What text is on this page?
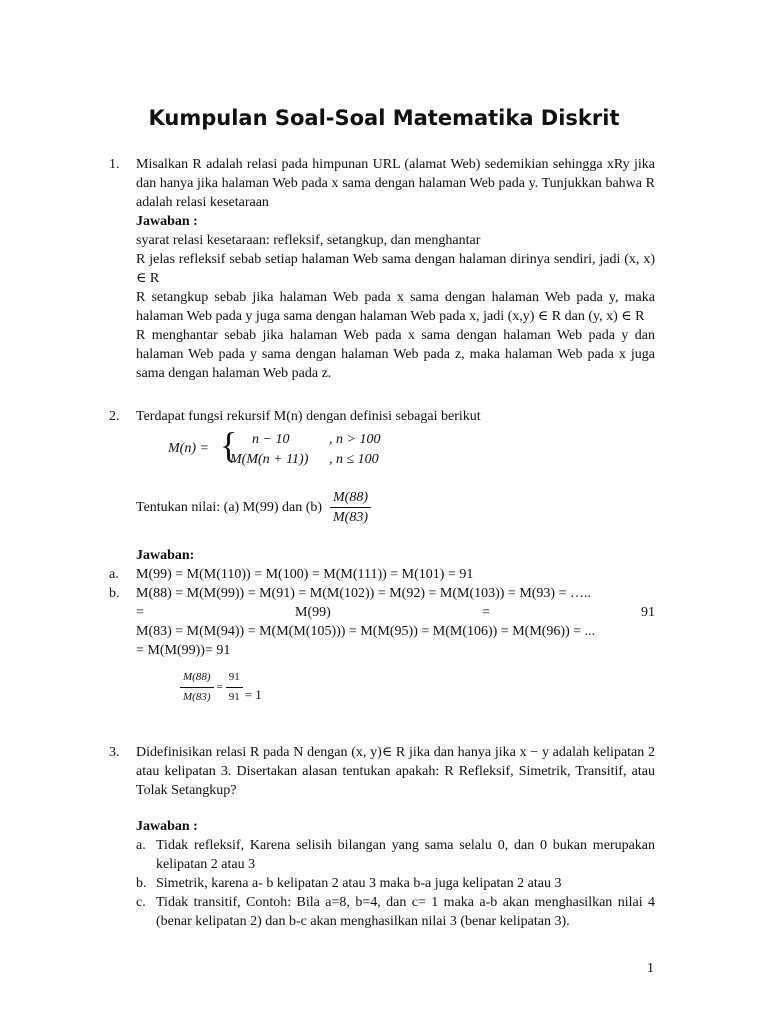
Kumpulan Soal-Soal Matematika Diskrit
1.	Misalkan R adalah relasi pada himpunan URL (alamat Web) sedemikian sehingga xRy jika dan hanya jika halaman Web pada x sama dengan halaman Web pada y. Tunjukkan bahwa R adalah relasi kesetaraan
Jawaban :
syarat relasi kesetaraan: refleksif, setangkup, dan menghantar
R jelas refleksif sebab setiap halaman Web sama dengan halaman dirinya sendiri, jadi (x, x) ∈ R
R setangkup sebab jika halaman Web pada x sama dengan halaman Web pada y, maka halaman Web pada y juga sama dengan halaman Web pada x, jadi (x,y) ∈ R dan (y, x) ∈ R
R menghantar sebab jika halaman Web pada x sama dengan halaman Web pada y dan halaman Web pada y sama dengan halaman Web pada z, maka halaman Web pada x juga sama dengan halaman Web pada z.
2.	Terdapat fungsi rekursif M(n) dengan definisi sebagai berikut
M(n) = { n − 10	, n > 100
M(M(n + 11)) , n ≤ 100
Tentukan nilai: (a) M(99) dan $(b) \frac{M(88)}{M(83)}$
Jawaban:
a. M(99) = M(M(110)) = M(100) = M(M(111)) = M(101) = 91
b. M(88) = M(M(99)) = M(91) = M(M(102)) = M(92) = M(M(103)) = M(93) = …..
=	M(99)	=	91
M(83) = M(M(94)) = M(M(M(105))) = M(M(95)) = M(M(106)) = M(M(96)) = ...
= M(M(99))= 91
$\frac{M(88)}{M(83)} = \frac{91}{91} = 1$
3.	Didefinisikan relasi R pada N dengan (x, y)∈ R jika dan hanya jika x − y adalah kelipatan 2 atau kelipatan 3. Disertakan alasan tentukan apakah: R Refleksif, Simetrik, Transitif, atau Tolak Setangkup?
Jawaban :
a. Tidak refleksif, Karena selisih bilangan yang sama selalu 0, dan 0 bukan merupakan kelipatan 2 atau 3
b. Simetrik, karena a- b kelipatan 2 atau 3 maka b-a juga kelipatan 2 atau 3
c. Tidak transitif, Contoh: Bila a=8, b=4, dan c= 1 maka a-b akan menghasilkan nilai 4 (benar kelipatan 2) dan b-c akan menghasilkan nilai 3 (benar kelipatan 3).
1
